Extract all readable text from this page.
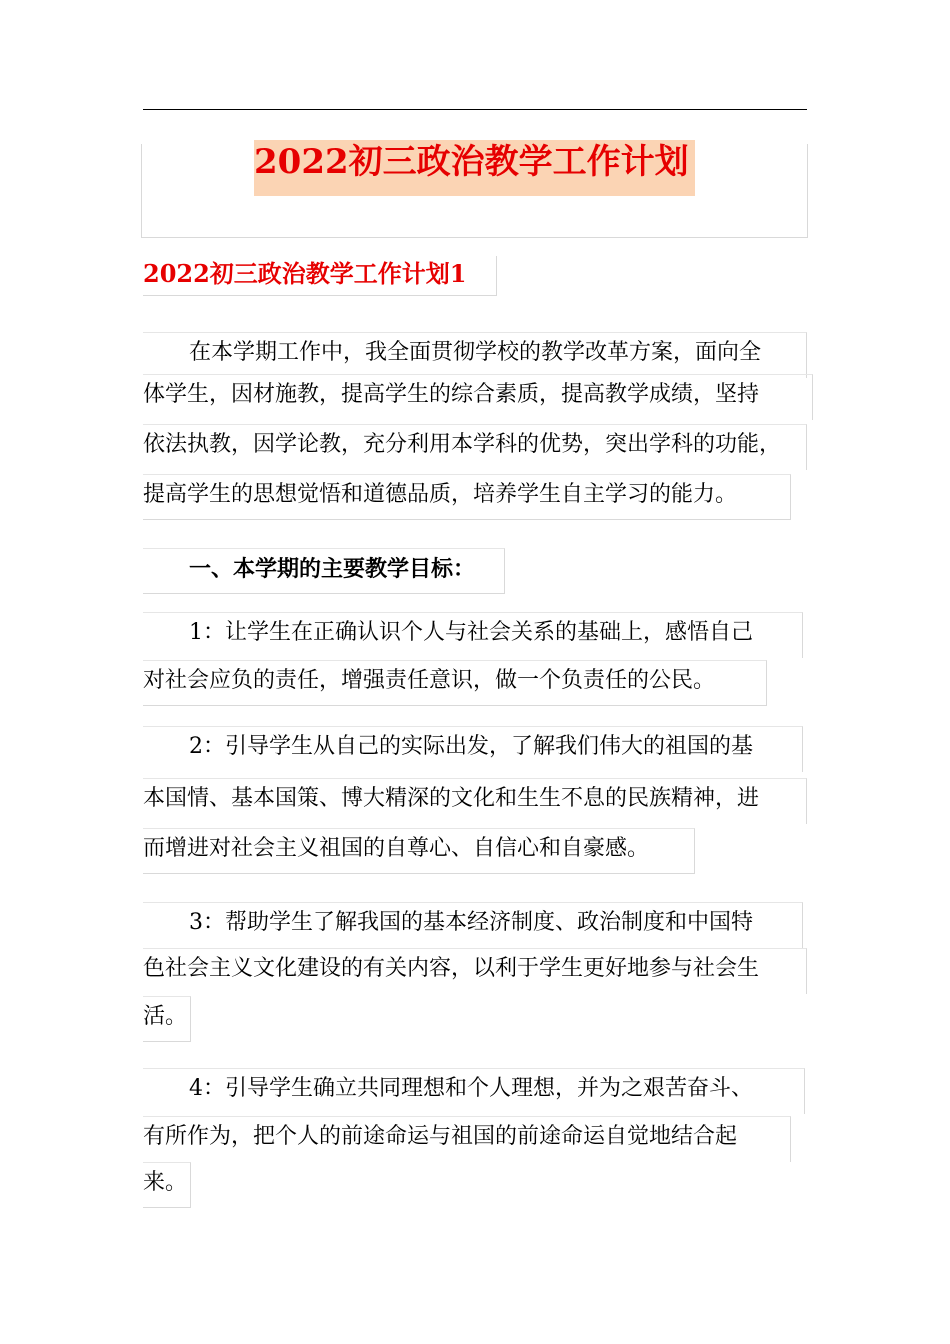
2022初三政治教学工作计划
2022初三政治教学工作计划1
在本学期工作中，我全面贯彻学校的教学改革方案，面向全
体学生，因材施教，提高学生的综合素质，提高教学成绩，坚持
依法执教，因学论教，充分利用本学科的优势，突出学科的功能，
提高学生的思想觉悟和道德品质，培养学生自主学习的能力。
一、本学期的主要教学目标：
1：让学生在正确认识个人与社会关系的基础上，感悟自己
对社会应负的责任，增强责任意识，做一个负责任的公民。
2：引导学生从自己的实际出发，了解我们伟大的祖国的基
本国情、基本国策、博大精深的文化和生生不息的民族精神，进
而增进对社会主义祖国的自尊心、自信心和自豪感。
3：帮助学生了解我国的基本经济制度、政治制度和中国特
色社会主义文化建设的有关内容，以利于学生更好地参与社会生
活。
4：引导学生确立共同理想和个人理想，并为之艰苦奋斗、
有所作为，把个人的前途命运与祖国的前途命运自觉地结合起
来。
